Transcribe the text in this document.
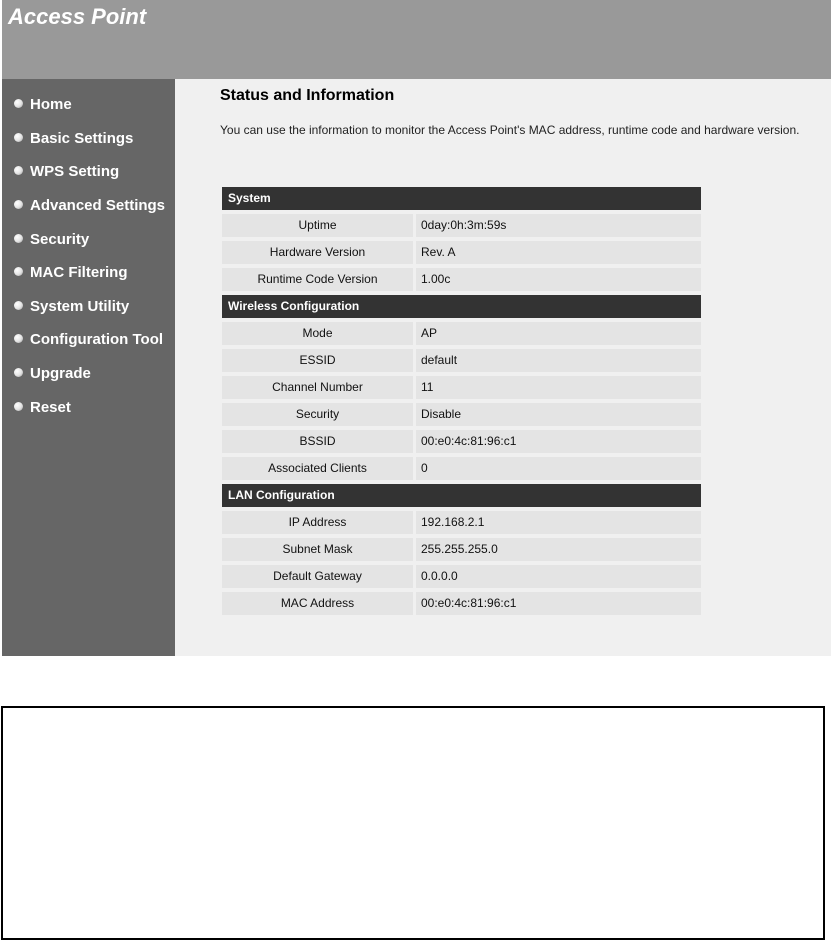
Access Point
Home
Basic Settings
WPS Setting
Advanced Settings
Security
MAC Filtering
System Utility
Configuration Tool
Upgrade
Reset
Status and Information
You can use the information to monitor the Access Point's MAC address, runtime code and hardware version.
System
Uptime	0day:0h:3m:59s
Hardware Version	Rev. A
Runtime Code Version	1.00c
Wireless Configuration
Mode	AP
ESSID	default
Channel Number	11
Security	Disable
BSSID	00:e0:4c:81:96:c1
Associated Clients	0
LAN Configuration
IP Address	192.168.2.1
Subnet Mask	255.255.255.0
Default Gateway	0.0.0.0
MAC Address	00:e0:4c:81:96:c1
